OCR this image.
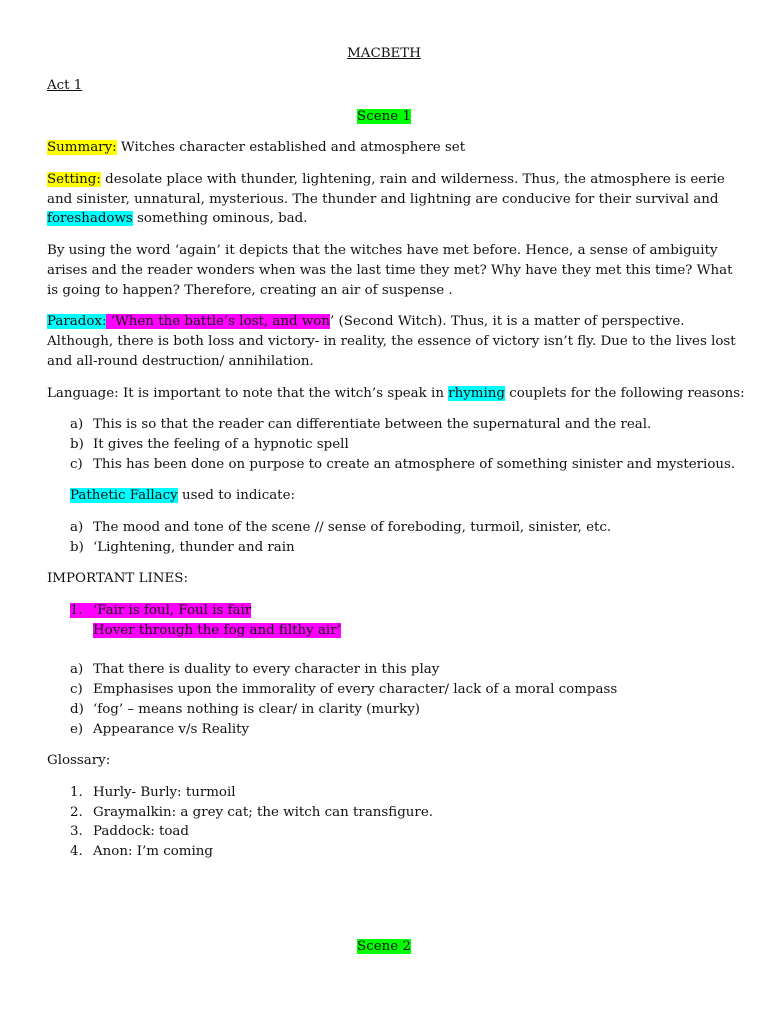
MACBETH
Act 1
Scene 1
Summary: Witches character established and atmosphere set
Setting: desolate place with thunder, lightening, rain and wilderness. Thus, the atmosphere is eerie
and sinister, unnatural, mysterious. The thunder and lightning are conducive for their survival and
foreshadows something ominous, bad.
By using the word ‘again’ it depicts that the witches have met before. Hence, a sense of ambiguity
arises and the reader wonders when was the last time they met? Why have they met this time? What
is going to happen? Therefore, creating an air of suspense .
Paradox: ‘When the battle’s lost, and won’ (Second Witch). Thus, it is a matter of perspective.
Although, there is both loss and victory- in reality, the essence of victory isn’t fly. Due to the lives lost
and all-round destruction/ annihilation.
Language: It is important to note that the witch’s speak in rhyming couplets for the following reasons:
a) This is so that the reader can differentiate between the supernatural and the real.
b) It gives the feeling of a hypnotic spell
c) This has been done on purpose to create an atmosphere of something sinister and mysterious.
Pathetic Fallacy used to indicate:
a) The mood and tone of the scene // sense of foreboding, turmoil, sinister, etc.
b) ‘Lightening, thunder and rain
IMPORTANT LINES:
1. ‘Fair is foul, Foul is fair
Hover through the fog and filthy air’
a) That there is duality to every character in this play
c) Emphasises upon the immorality of every character/ lack of a moral compass
d) ‘fog’ – means nothing is clear/ in clarity (murky)
e) Appearance v/s Reality
Glossary:
1. Hurly- Burly: turmoil
2. Graymalkin: a grey cat; the witch can transfigure.
3. Paddock: toad
4. Anon: I’m coming
Scene 2
